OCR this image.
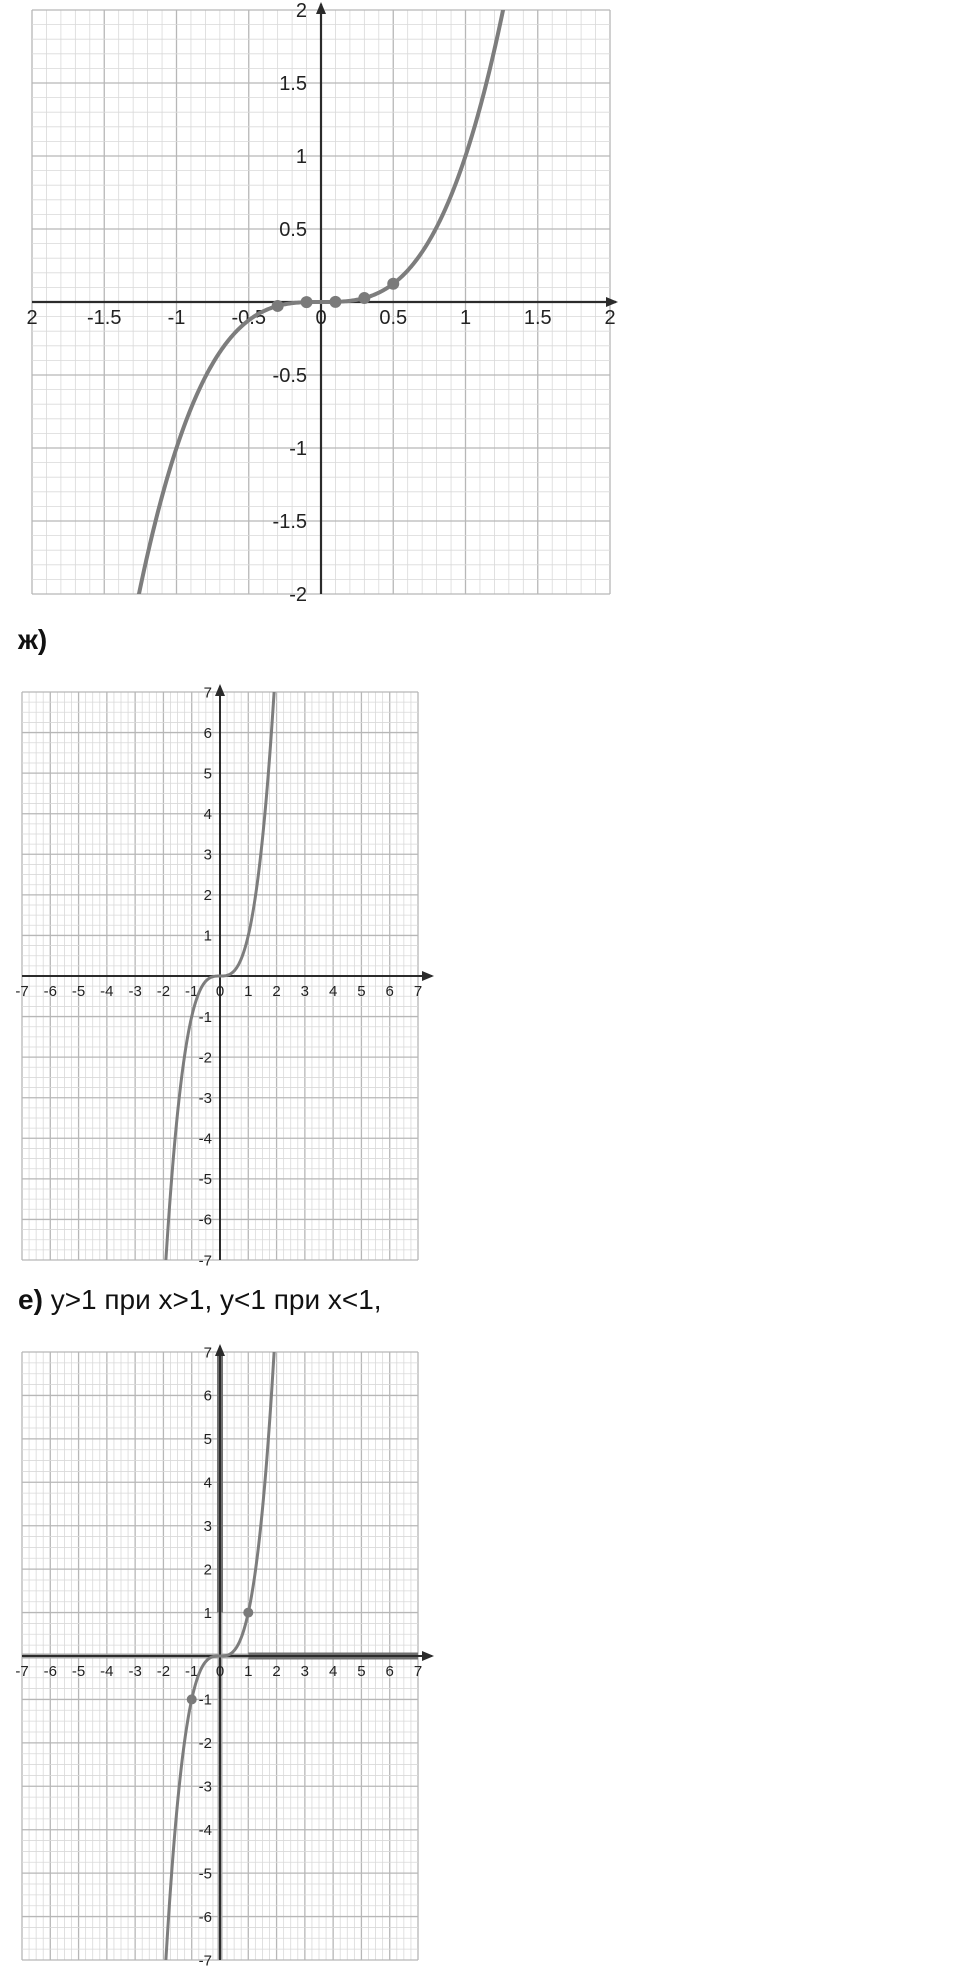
2 -1.5 -1 -0.5 0	0.5	1	1.5	2
2
1.5
1
0.5
-0.5
-1
-1.5
-2
ж)
-7 -6 -5 -4 -3 -2 -1 0 1 2 3 4 5 6 7
7
6
5
4
3
2
1
-1
-2
-3
-4
-5
-6
-7
е) y>1 при x>1, y<1 при x<1,
-7 -6 -5 -4 -3 -2 -1 0 1 2 3 4 5 6 7
7
6
5
4
3
2
1
-1
-2
-3
-4
-5
-6
-7
